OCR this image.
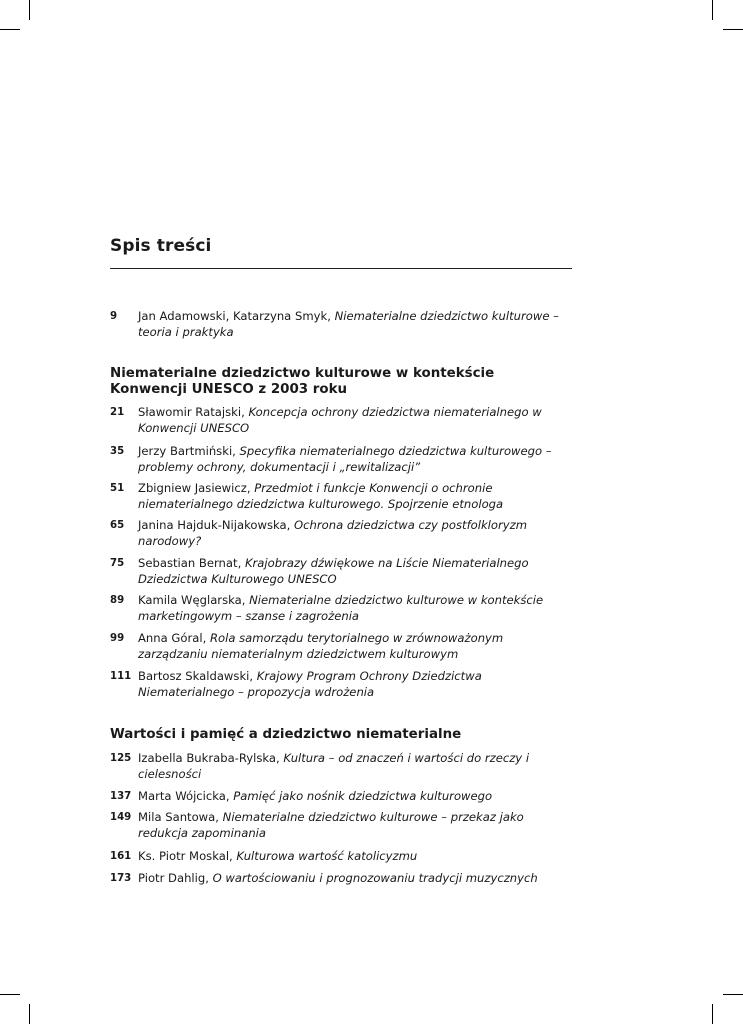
Spis treści
9	Jan Adamowski, Katarzyna Smyk, Niematerialne dziedzictwo kulturowe – teoria i praktyka
Niematerialne dziedzictwo kulturowe w kontekście Konwencji UNESCO z 2003 roku
21	Sławomir Ratajski, Koncepcja ochrony dziedzictwa niematerialnego w Konwencji UNESCO
35	Jerzy Bartmiński, Specyfika niematerialnego dziedzictwa kulturowego – problemy ochrony, dokumentacji i „rewitalizacji”
51	Zbigniew Jasiewicz, Przedmiot i funkcje Konwencji o ochronie niematerialnego dziedzictwa kulturowego. Spojrzenie etnologa
65	Janina Hajduk-Nijakowska, Ochrona dziedzictwa czy postfolkloryzm narodowy?
75	Sebastian Bernat, Krajobrazy dźwiękowe na Liście Niematerialnego Dziedzictwa Kulturowego UNESCO
89	Kamila Węglarska, Niematerialne dziedzictwo kulturowe w kontekście marketingowym – szanse i zagrożenia
99	Anna Góral, Rola samorządu terytorialnego w zrównoważonym zarządzaniu niematerialnym dziedzictwem kulturowym
111 Bartosz Skaldawski, Krajowy Program Ochrony Dziedzictwa Niematerialnego – propozycja wdrożenia
Wartości i pamięć a dziedzictwo niematerialne
125 Izabella Bukraba-Rylska, Kultura – od znaczeń i wartości do rzeczy i cielesności
137 Marta Wójcicka, Pamięć jako nośnik dziedzictwa kulturowego
149 Mila Santowa, Niematerialne dziedzictwo kulturowe – przekaz jako redukcja zapominania
161 Ks. Piotr Moskal, Kulturowa wartość katolicyzmu
173 Piotr Dahlig, O wartościowaniu i prognozowaniu tradycji muzycznych
